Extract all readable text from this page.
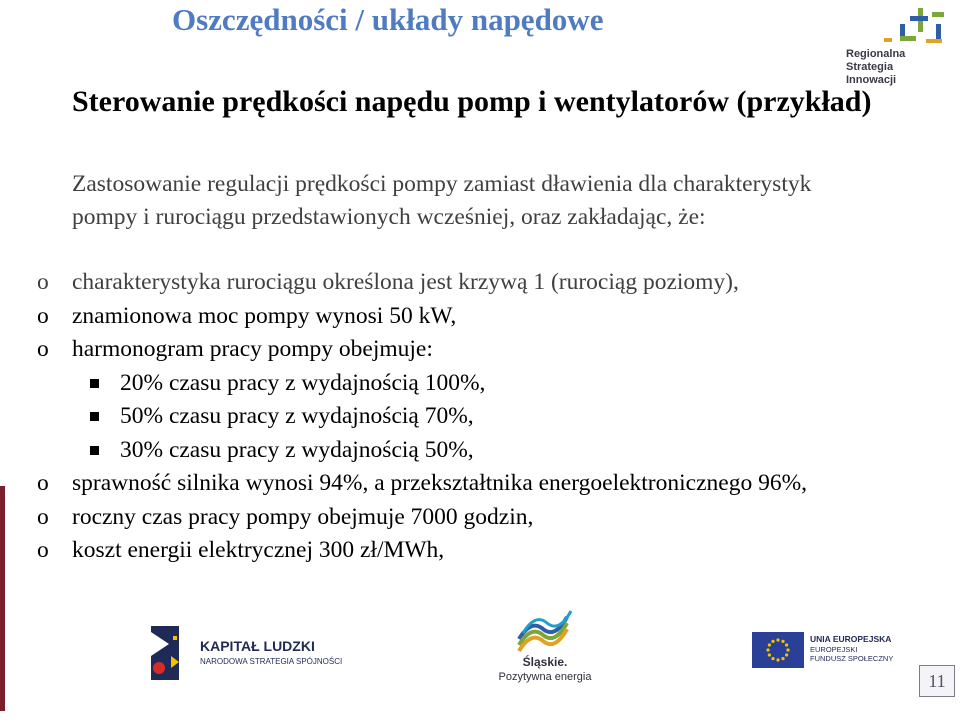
Oszczędności / układy napędowe
Regionalna
Strategia
Innowacji
Sterowanie prędkości napędu pomp i wentylatorów (przykład)
Zastosowanie regulacji prędkości pompy zamiast dławienia dla charakterystyk
pompy i rurociągu przedstawionych wcześniej, oraz zakładając, że:
o charakterystyka rurociągu określona jest krzywą 1 (rurociąg poziomy),
o znamionowa moc pompy wynosi 50 kW,
o harmonogram pracy pompy obejmuje:
20% czasu pracy z wydajnością 100%,
50% czasu pracy z wydajnością 70%,
30% czasu pracy z wydajnością 50%,
o sprawność silnika wynosi 94%, a przekształtnika energoelektronicznego 96%,
o roczny czas pracy pompy obejmuje 7000 godzin,
o koszt energii elektrycznej 300 zł/MWh,
KAPITAŁ LUDZKI
NARODOWA STRATEGIA SPÓJNOŚCI	Śląskie.
Pozytywna energia
UNIA EUROPEJSKA
EUROPEJSKI
FUNDUSZ SPOŁECZNY
11
